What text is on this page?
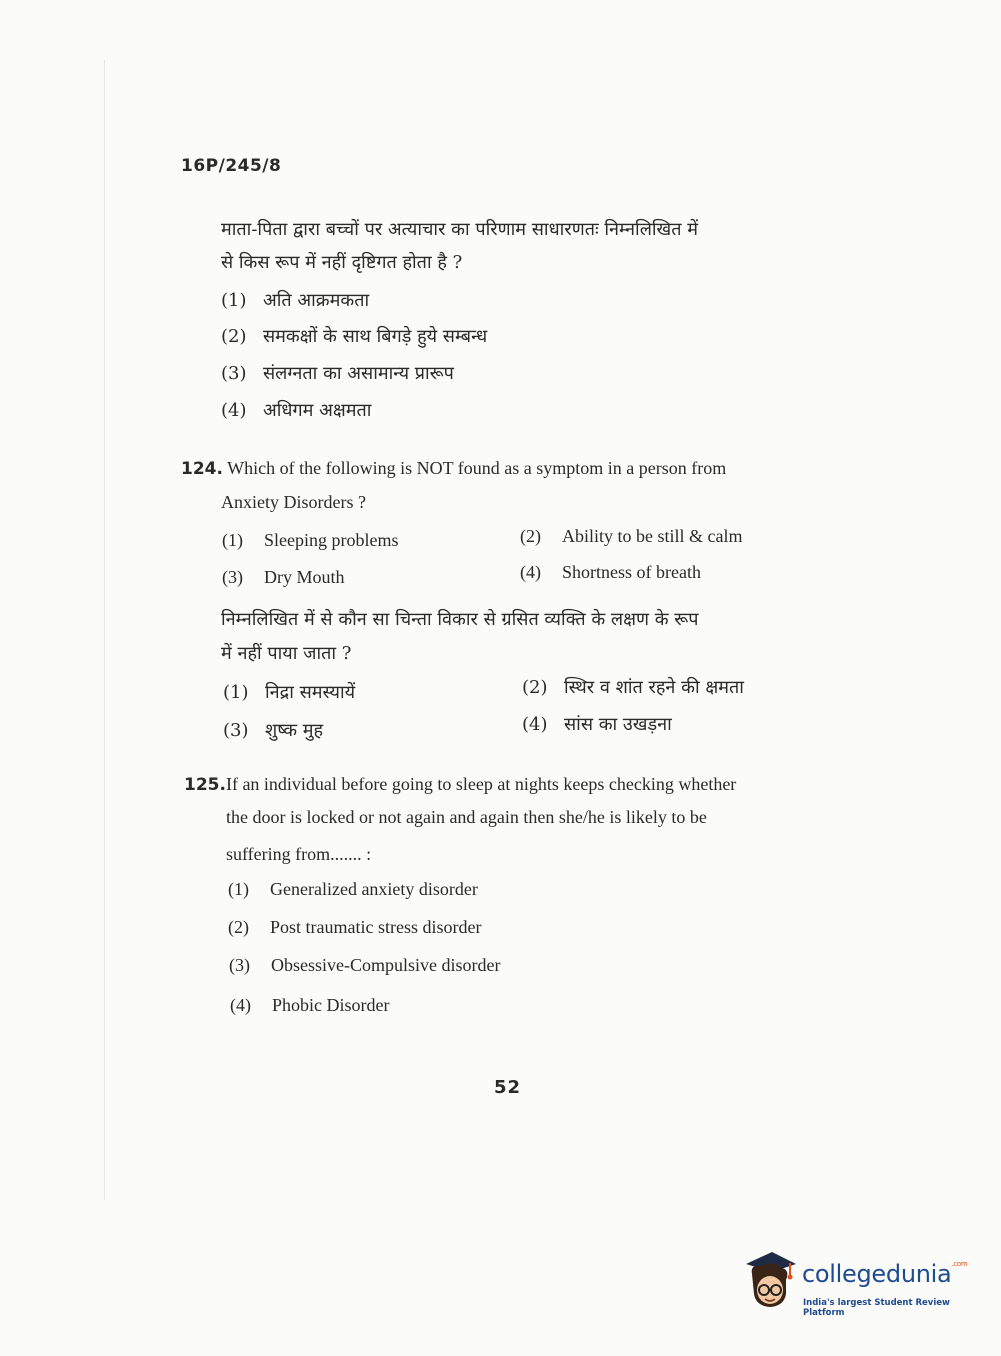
16P/245/8
माता-पिता द्वारा बच्चों पर अत्याचार का परिणाम साधारणतः निम्नलिखित में
से किस रूप में नहीं दृष्टिगत होता है ?
(1) अति आक्रमकता
(2) समकक्षों के साथ बिगड़े हुये सम्बन्ध
(3) संलग्नता का असामान्य प्रारूप
(4) अधिगम अक्षमता
124. Which of the following is NOT found as a symptom in a person from
Anxiety Disorders ?
(1) Sleeping problems	(2) Ability to be still & calm
(3) Dry Mouth	(4) Shortness of breath
निम्नलिखित में से कौन सा चिन्ता विकार से ग्रसित व्यक्ति के लक्षण के रूप
में नहीं पाया जाता ?
(1) निद्रा समस्यायें	(2) स्थिर व शांत रहने की क्षमता
(3) शुष्क मुह	(4) सांस का उखड़ना
125.If an individual before going to sleep at nights keeps checking whether
the door is locked or not again and again then she/he is likely to be
suffering from....... :
(1) Generalized anxiety disorder
(2) Post traumatic stress disorder
(3) Obsessive-Compulsive disorder
(4) Phobic Disorder
52
collegedunia$^{.com}$
India's largest Student Review Platform
